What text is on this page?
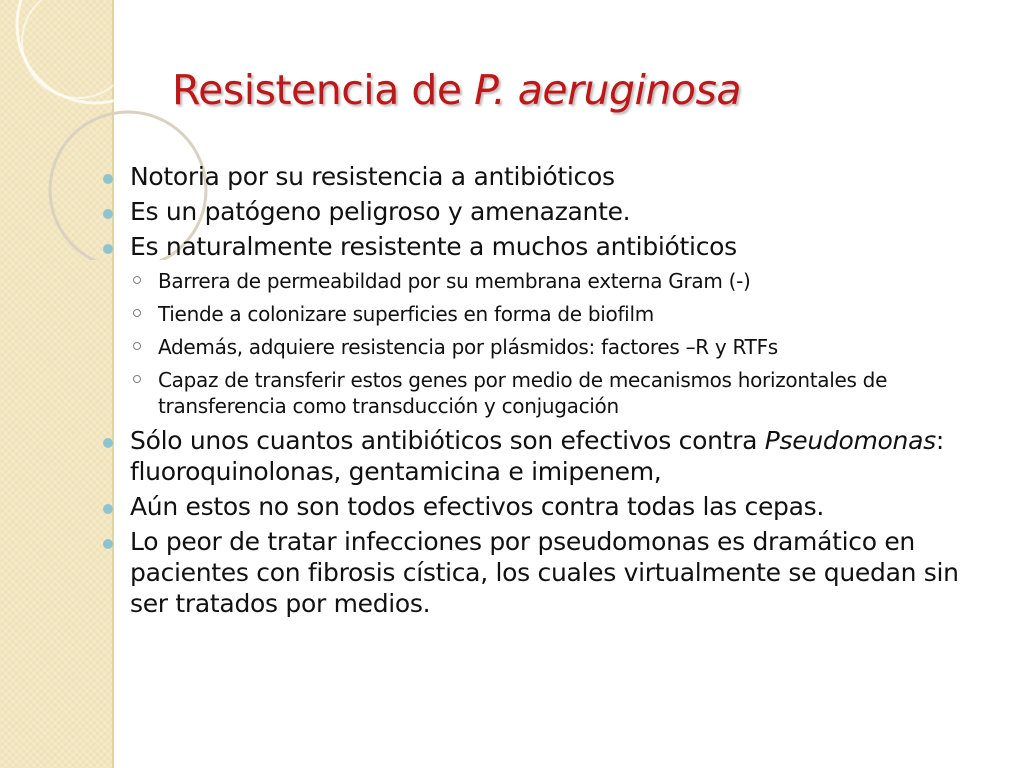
Resistencia de P. aeruginosa
Notoria por su resistencia a antibióticos
Es un patógeno peligroso y amenazante.
Es naturalmente resistente a muchos antibióticos
Barrera de permeabildad por su membrana externa Gram (-)
Tiende a colonizare superficies en forma de biofilm
Además, adquiere resistencia por plásmidos: factores –R y RTFs
Capaz de transferir estos genes por medio de mecanismos horizontales de transferencia como transducción y conjugación
Sólo unos cuantos antibióticos son efectivos contra Pseudomonas: fluoroquinolonas, gentamicina e imipenem,
Aún estos no son todos efectivos contra todas las cepas.
Lo peor de tratar infecciones por pseudomonas es dramático en pacientes con fibrosis cística, los cuales virtualmente se quedan sin ser tratados por medios.
